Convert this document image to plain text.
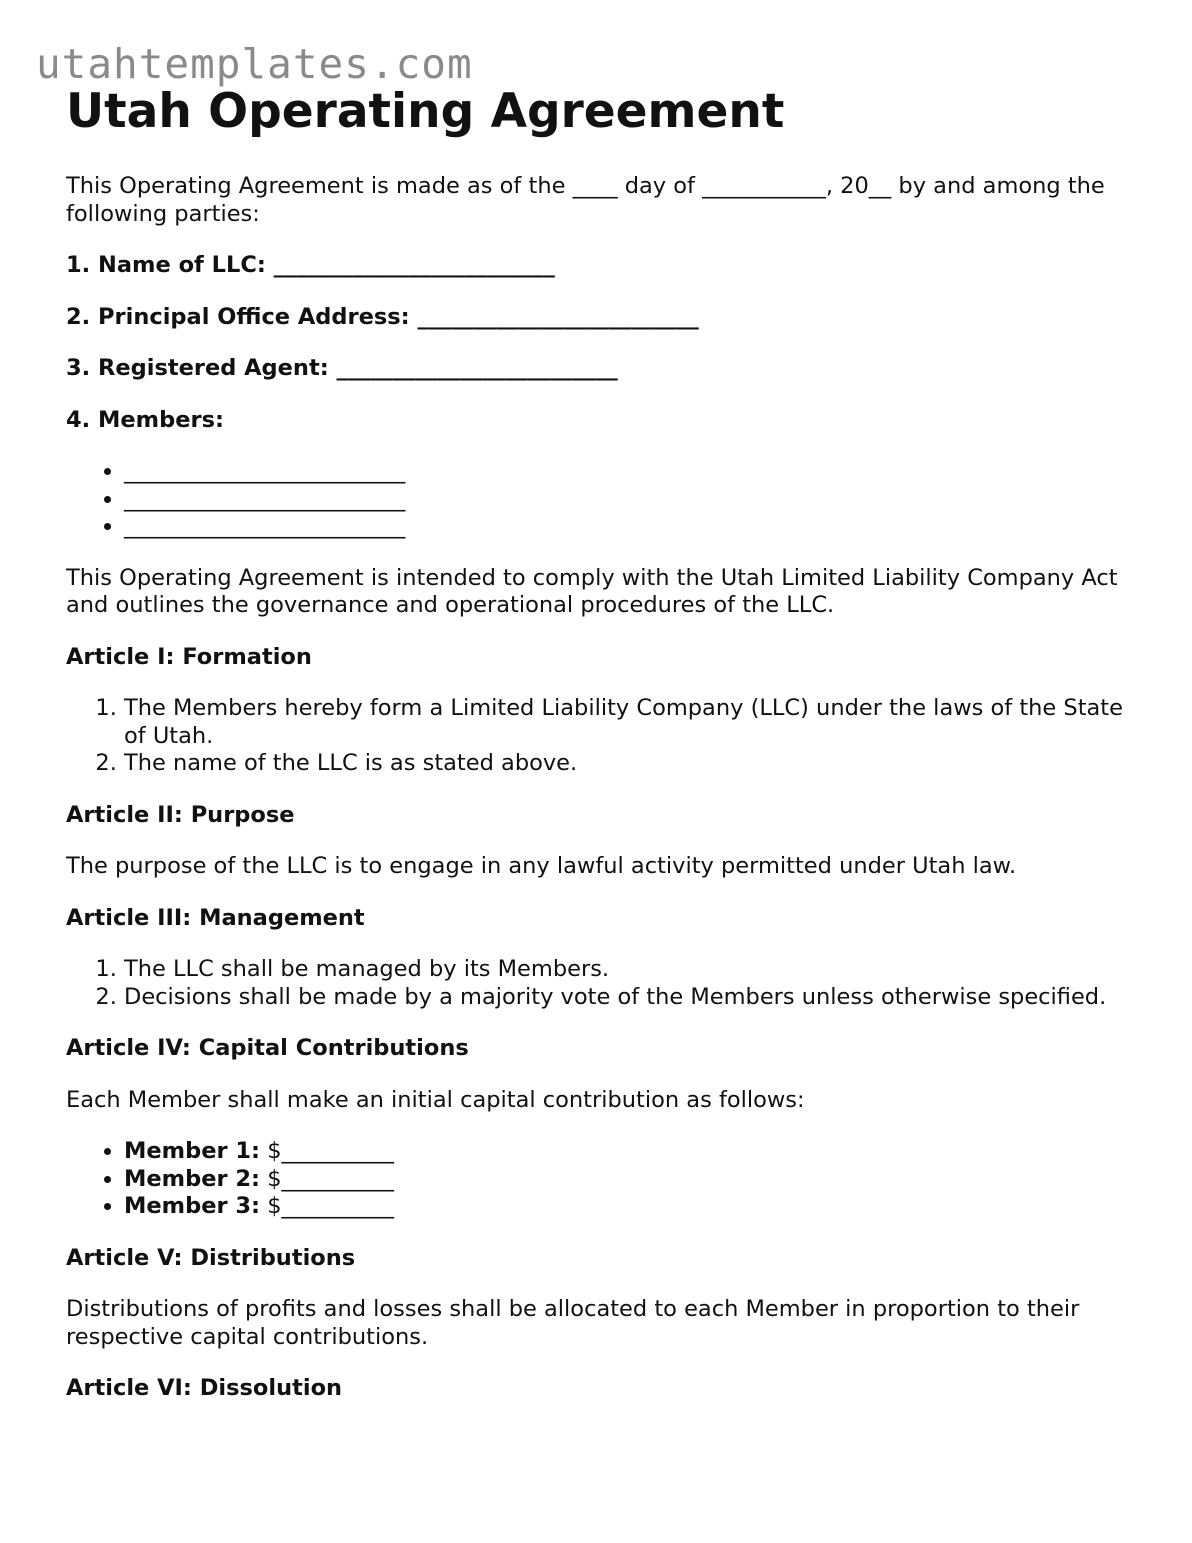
utahtemplates.com
Utah Operating Agreement

This Operating Agreement is made as of the ____ day of ___________, 20__ by and among the following parties:

1. Name of LLC: _________________________

2. Principal Office Address: _________________________

3. Registered Agent: _________________________

4. Members:

• _________________________
• _________________________
• _________________________

This Operating Agreement is intended to comply with the Utah Limited Liability Company Act and outlines the governance and operational procedures of the LLC.

Article I: Formation

1. The Members hereby form a Limited Liability Company (LLC) under the laws of the State of Utah.
2. The name of the LLC is as stated above.

Article II: Purpose

The purpose of the LLC is to engage in any lawful activity permitted under Utah law.

Article III: Management

1. The LLC shall be managed by its Members.
2. Decisions shall be made by a majority vote of the Members unless otherwise specified.

Article IV: Capital Contributions

Each Member shall make an initial capital contribution as follows:

• Member 1: $__________
• Member 2: $__________
• Member 3: $__________

Article V: Distributions

Distributions of profits and losses shall be allocated to each Member in proportion to their respective capital contributions.

Article VI: Dissolution
